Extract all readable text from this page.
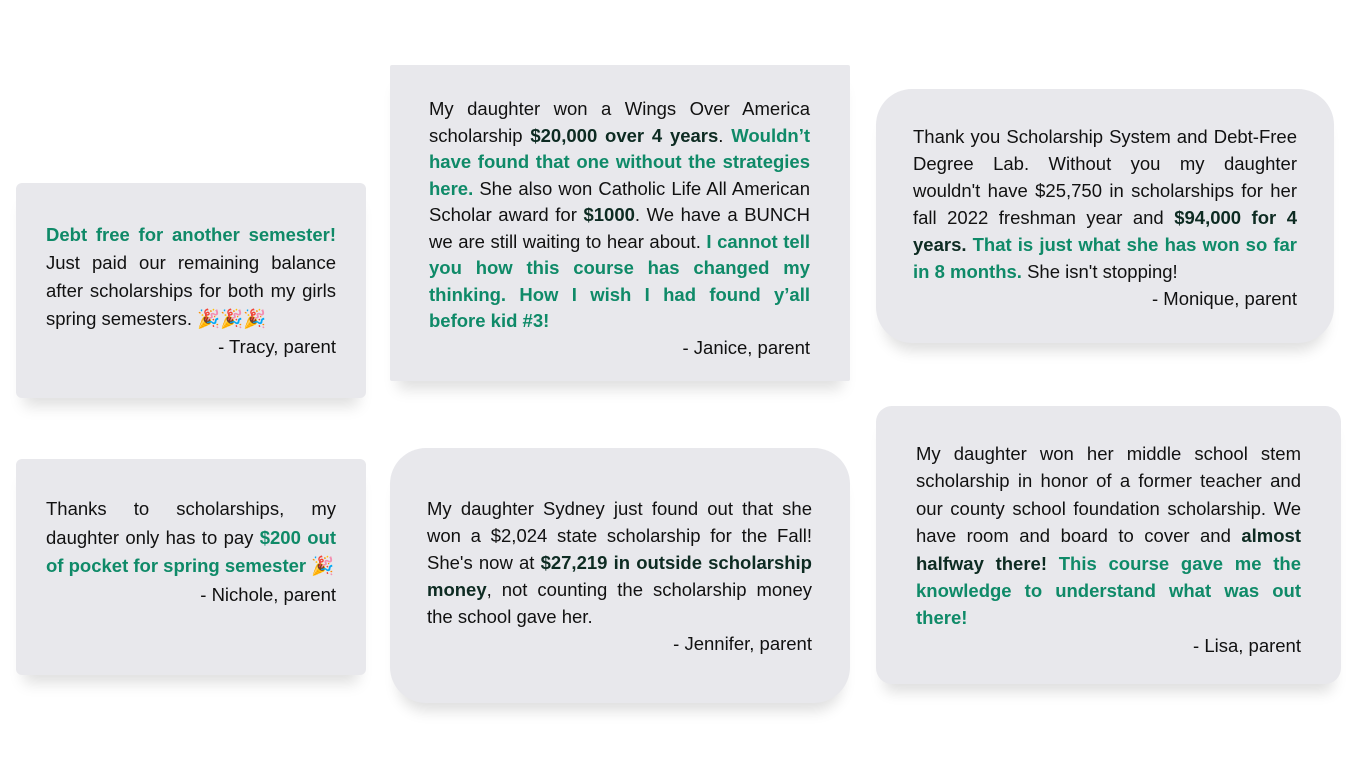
Debt free for another semester! Just paid our remaining balance after scholarships for both my girls spring semesters. 🎉🎉🎉

- Tracy, parent

Thanks to scholarships, my daughter only has to pay $200 out of pocket for spring semester 🎉

- Nichole, parent

My daughter won a Wings Over America scholarship $20,000 over 4 years. Wouldn’t have found that one without the strategies here. She also won Catholic Life All American Scholar award for $1000. We have a BUNCH we are still waiting to hear about. I cannot tell you how this course has changed my thinking. How I wish I had found y’all before kid #3!

- Janice, parent

My daughter Sydney just found out that she won a $2,024 state scholarship for the Fall! She's now at $27,219 in outside scholarship money, not counting the scholarship money the school gave her.

- Jennifer, parent

Thank you Scholarship System and Debt-Free Degree Lab. Without you my daughter wouldn't have $25,750 in scholarships for her fall 2022 freshman year and $94,000 for 4 years. That is just what she has won so far in 8 months. She isn't stopping!

- Monique, parent

My daughter won her middle school stem scholarship in honor of a former teacher and our county school foundation scholarship. We have room and board to cover and almost halfway there! This course gave me the knowledge to understand what was out there!

- Lisa, parent
